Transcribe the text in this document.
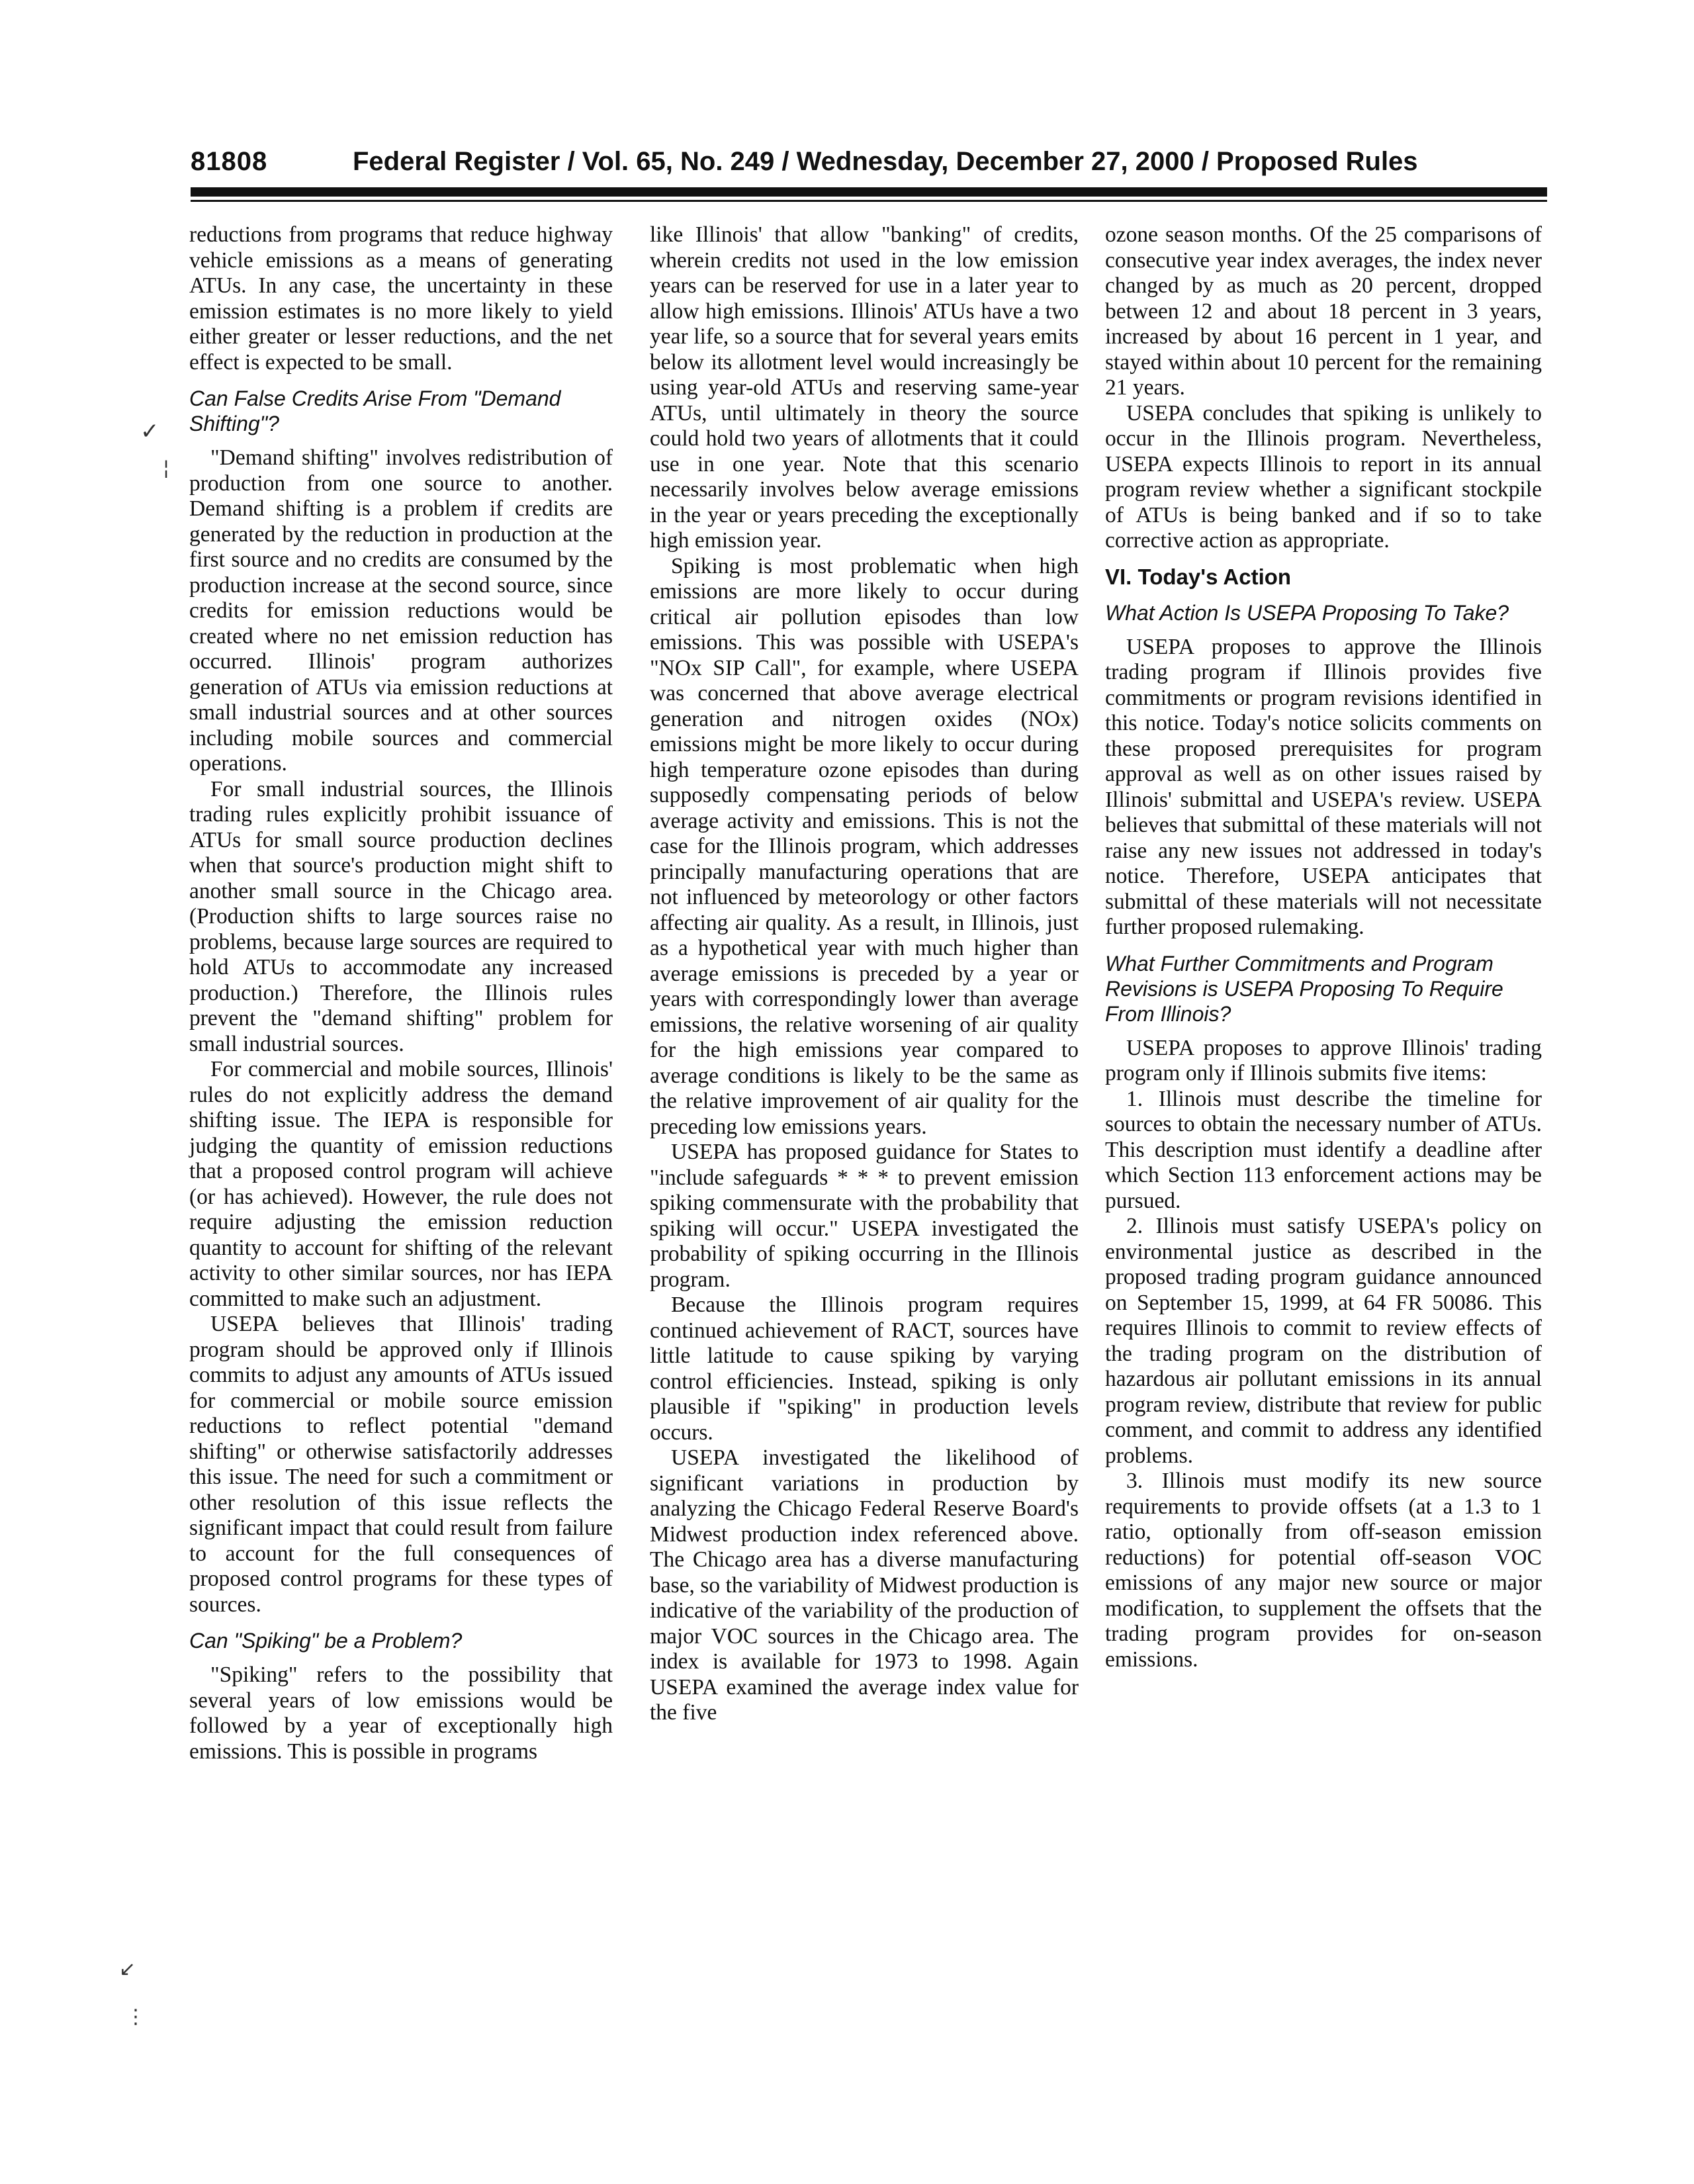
81808	Federal Register / Vol. 65, No. 249 / Wednesday, December 27, 2000 / Proposed Rules
✓
¦
↙
⋮

reductions from programs that reduce highway vehicle emissions as a means of generating ATUs. In any case, the uncertainty in these emission estimates is no more likely to yield either greater or lesser reductions, and the net effect is expected to be small.

Can False Credits Arise From "Demand Shifting"?

"Demand shifting" involves redistribution of production from one source to another. Demand shifting is a problem if credits are generated by the reduction in production at the first source and no credits are consumed by the production increase at the second source, since credits for emission reductions would be created where no net emission reduction has occurred. Illinois' program authorizes generation of ATUs via emission reductions at small industrial sources and at other sources including mobile sources and commercial operations.

For small industrial sources, the Illinois trading rules explicitly prohibit issuance of ATUs for small source production declines when that source's production might shift to another small source in the Chicago area. (Production shifts to large sources raise no problems, because large sources are required to hold ATUs to accommodate any increased production.) Therefore, the Illinois rules prevent the "demand shifting" problem for small industrial sources.

For commercial and mobile sources, Illinois' rules do not explicitly address the demand shifting issue. The IEPA is responsible for judging the quantity of emission reductions that a proposed control program will achieve (or has achieved). However, the rule does not require adjusting the emission reduction quantity to account for shifting of the relevant activity to other similar sources, nor has IEPA committed to make such an adjustment.

USEPA believes that Illinois' trading program should be approved only if Illinois commits to adjust any amounts of ATUs issued for commercial or mobile source emission reductions to reflect potential "demand shifting" or otherwise satisfactorily addresses this issue. The need for such a commitment or other resolution of this issue reflects the significant impact that could result from failure to account for the full consequences of proposed control programs for these types of sources.

Can "Spiking" be a Problem?

"Spiking" refers to the possibility that several years of low emissions would be followed by a year of exceptionally high emissions. This is possible in programs

like Illinois' that allow "banking" of credits, wherein credits not used in the low emission years can be reserved for use in a later year to allow high emissions. Illinois' ATUs have a two year life, so a source that for several years emits below its allotment level would increasingly be using year-old ATUs and reserving same-year ATUs, until ultimately in theory the source could hold two years of allotments that it could use in one year. Note that this scenario necessarily involves below average emissions in the year or years preceding the exceptionally high emission year.

Spiking is most problematic when high emissions are more likely to occur during critical air pollution episodes than low emissions. This was possible with USEPA's "NOx SIP Call", for example, where USEPA was concerned that above average electrical generation and nitrogen oxides (NOx) emissions might be more likely to occur during high temperature ozone episodes than during supposedly compensating periods of below average activity and emissions. This is not the case for the Illinois program, which addresses principally manufacturing operations that are not influenced by meteorology or other factors affecting air quality. As a result, in Illinois, just as a hypothetical year with much higher than average emissions is preceded by a year or years with correspondingly lower than average emissions, the relative worsening of air quality for the high emissions year compared to average conditions is likely to be the same as the relative improvement of air quality for the preceding low emissions years.

USEPA has proposed guidance for States to "include safeguards * * * to prevent emission spiking commensurate with the probability that spiking will occur." USEPA investigated the probability of spiking occurring in the Illinois program.

Because the Illinois program requires continued achievement of RACT, sources have little latitude to cause spiking by varying control efficiencies. Instead, spiking is only plausible if "spiking" in production levels occurs.

USEPA investigated the likelihood of significant variations in production by analyzing the Chicago Federal Reserve Board's Midwest production index referenced above. The Chicago area has a diverse manufacturing base, so the variability of Midwest production is indicative of the variability of the production of major VOC sources in the Chicago area. The index is available for 1973 to 1998. Again USEPA examined the average index value for the five

ozone season months. Of the 25 comparisons of consecutive year index averages, the index never changed by as much as 20 percent, dropped between 12 and about 18 percent in 3 years, increased by about 16 percent in 1 year, and stayed within about 10 percent for the remaining 21 years.

USEPA concludes that spiking is unlikely to occur in the Illinois program. Nevertheless, USEPA expects Illinois to report in its annual program review whether a significant stockpile of ATUs is being banked and if so to take corrective action as appropriate.

VI. Today's Action
What Action Is USEPA Proposing To Take?

USEPA proposes to approve the Illinois trading program if Illinois provides five commitments or program revisions identified in this notice. Today's notice solicits comments on these proposed prerequisites for program approval as well as on other issues raised by Illinois' submittal and USEPA's review. USEPA believes that submittal of these materials will not raise any new issues not addressed in today's notice. Therefore, USEPA anticipates that submittal of these materials will not necessitate further proposed rulemaking.

What Further Commitments and Program Revisions is USEPA Proposing To Require From Illinois?

USEPA proposes to approve Illinois' trading program only if Illinois submits five items:

1. Illinois must describe the timeline for sources to obtain the necessary number of ATUs. This description must identify a deadline after which Section 113 enforcement actions may be pursued.

2. Illinois must satisfy USEPA's policy on environmental justice as described in the proposed trading program guidance announced on September 15, 1999, at 64 FR 50086. This requires Illinois to commit to review effects of the trading program on the distribution of hazardous air pollutant emissions in its annual program review, distribute that review for public comment, and commit to address any identified problems.

3. Illinois must modify its new source requirements to provide offsets (at a 1.3 to 1 ratio, optionally from off-season emission reductions) for potential off-season VOC emissions of any major new source or major modification, to supplement the offsets that the trading program provides for on-season emissions.
